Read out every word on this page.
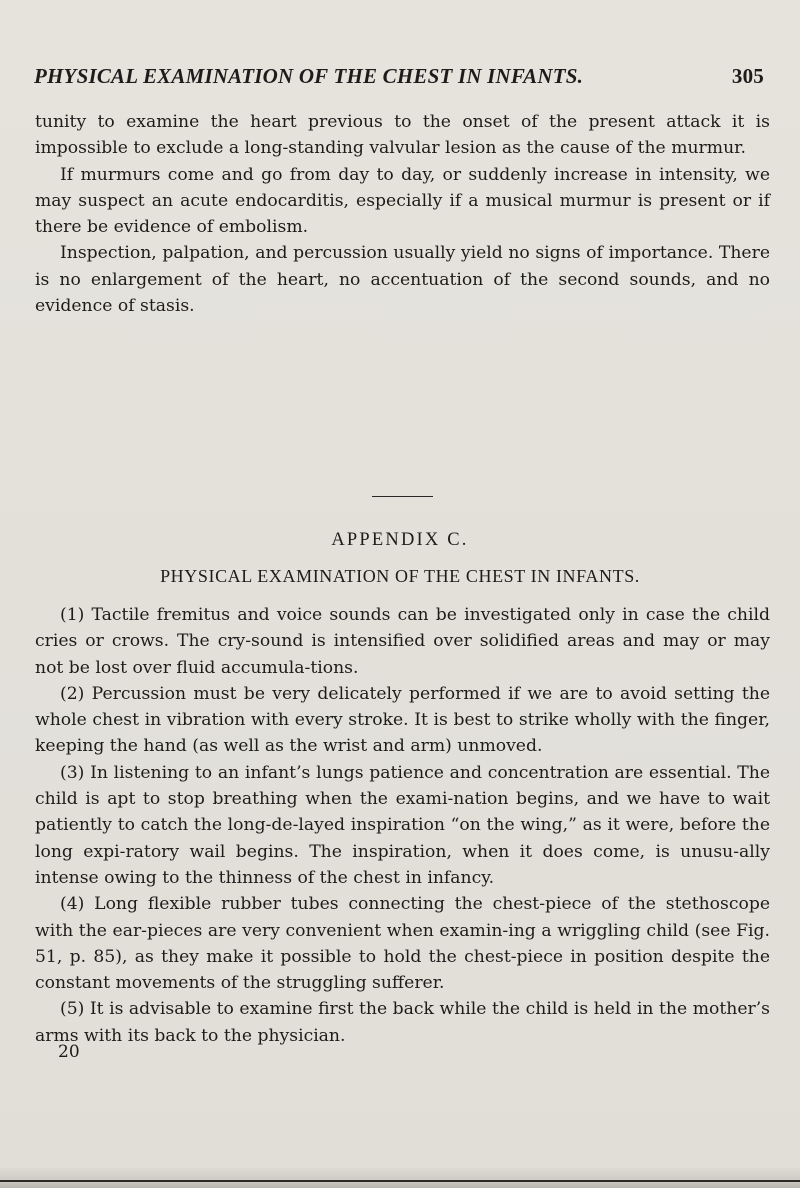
PHYSICAL EXAMINATION OF THE CHEST IN INFANTS.	305

tunity to examine the heart previous to the onset of the present attack it is impossible to exclude a long-standing valvular lesion as the cause of the murmur.

If murmurs come and go from day to day, or suddenly increase in intensity, we may suspect an acute endocarditis, especially if a musical murmur is present or if there be evidence of embolism.

Inspection, palpation, and percussion usually yield no signs of importance. There is no enlargement of the heart, no accentuation of the second sounds, and no evidence of stasis.

APPENDIX C.
PHYSICAL EXAMINATION OF THE CHEST IN INFANTS.

(1) Tactile fremitus and voice sounds can be investigated only in case the child cries or crows. The cry-sound is intensified over solidified areas and may or may not be lost over fluid accumula-tions.

(2) Percussion must be very delicately performed if we are to avoid setting the whole chest in vibration with every stroke. It is best to strike wholly with the finger, keeping the hand (as well as the wrist and arm) unmoved.

(3) In listening to an infant’s lungs patience and concentration are essential. The child is apt to stop breathing when the exami-nation begins, and we have to wait patiently to catch the long-de-layed inspiration “on the wing,” as it were, before the long expi-ratory wail begins. The inspiration, when it does come, is unusu-ally intense owing to the thinness of the chest in infancy.

(4) Long flexible rubber tubes connecting the chest-piece of the stethoscope with the ear-pieces are very convenient when examin-ing a wriggling child (see Fig. 51, p. 85), as they make it possible to hold the chest-piece in position despite the constant movements of the struggling sufferer.

(5) It is advisable to examine first the back while the child is held in the mother’s arms with its back to the physician.

20
